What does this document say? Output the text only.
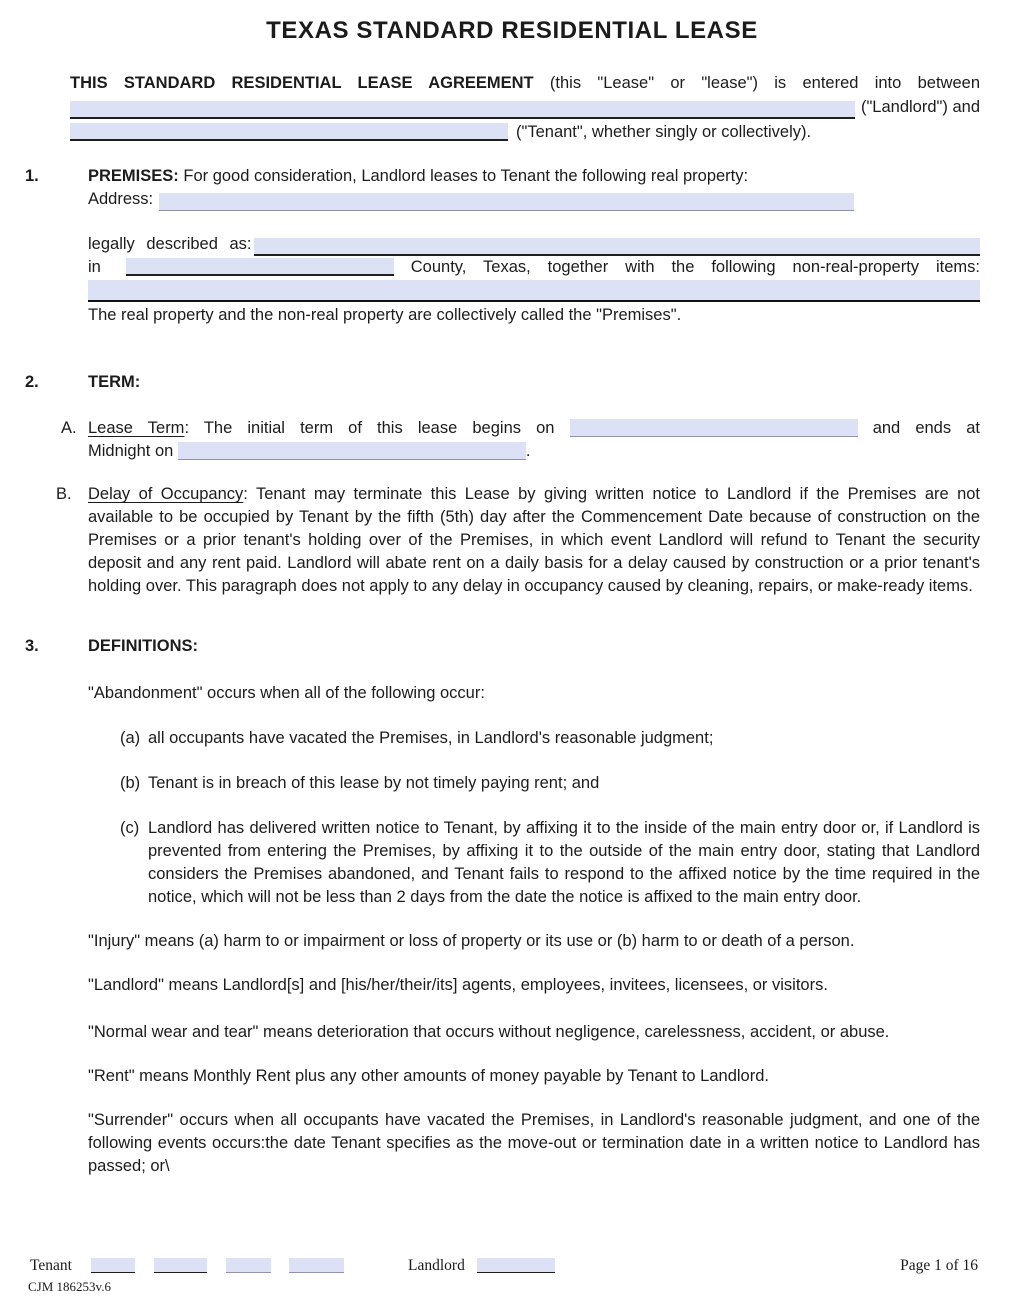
TEXAS STANDARD RESIDENTIAL LEASE
THIS STANDARD RESIDENTIAL LEASE AGREEMENT (this "Lease" or "lease") is entered into between
("Landlord") and
("Tenant", whether singly or collectively).
1.	PREMISES: For good consideration, Landlord leases to Tenant the following real property:
Address:
legally described as:
in	County, Texas, together with the following non-real-property items:
The real property and the non-real property are collectively called the "Premises".
2.	TERM:
A. Lease Term: The initial term of this lease begins on	and ends at
Midnight on	.
B. Delay of Occupancy: Tenant may terminate this Lease by giving written notice to Landlord if the Premises are not available to be occupied by Tenant by the fifth (5th) day after the Commencement Date because of construction on the Premises or a prior tenant's holding over of the Premises, in which event Landlord will refund to Tenant the security deposit and any rent paid. Landlord will abate rent on a daily basis for a delay caused by construction or a prior tenant's holding over. This paragraph does not apply to any delay in occupancy caused by cleaning, repairs, or make-ready items.
3.	DEFINITIONS:
"Abandonment" occurs when all of the following occur:
(a) all occupants have vacated the Premises, in Landlord's reasonable judgment;
(b) Tenant is in breach of this lease by not timely paying rent; and
(c) Landlord has delivered written notice to Tenant, by affixing it to the inside of the main entry door or, if Landlord is prevented from entering the Premises, by affixing it to the outside of the main entry door, stating that Landlord considers the Premises abandoned, and Tenant fails to respond to the affixed notice by the time required in the notice, which will not be less than 2 days from the date the notice is affixed to the main entry door.
"Injury" means (a) harm to or impairment or loss of property or its use or (b) harm to or death of a person.
"Landlord" means Landlord[s] and [his/her/their/its] agents, employees, invitees, licensees, or visitors.
"Normal wear and tear" means deterioration that occurs without negligence, carelessness, accident, or abuse.
"Rent" means Monthly Rent plus any other amounts of money payable by Tenant to Landlord.
"Surrender" occurs when all occupants have vacated the Premises, in Landlord's reasonable judgment, and one of the following events occurs:the date Tenant specifies as the move-out or termination date in a written notice to Landlord has passed; or\
Tenant	Landlord	Page 1 of 16
CJM 186253v.6
